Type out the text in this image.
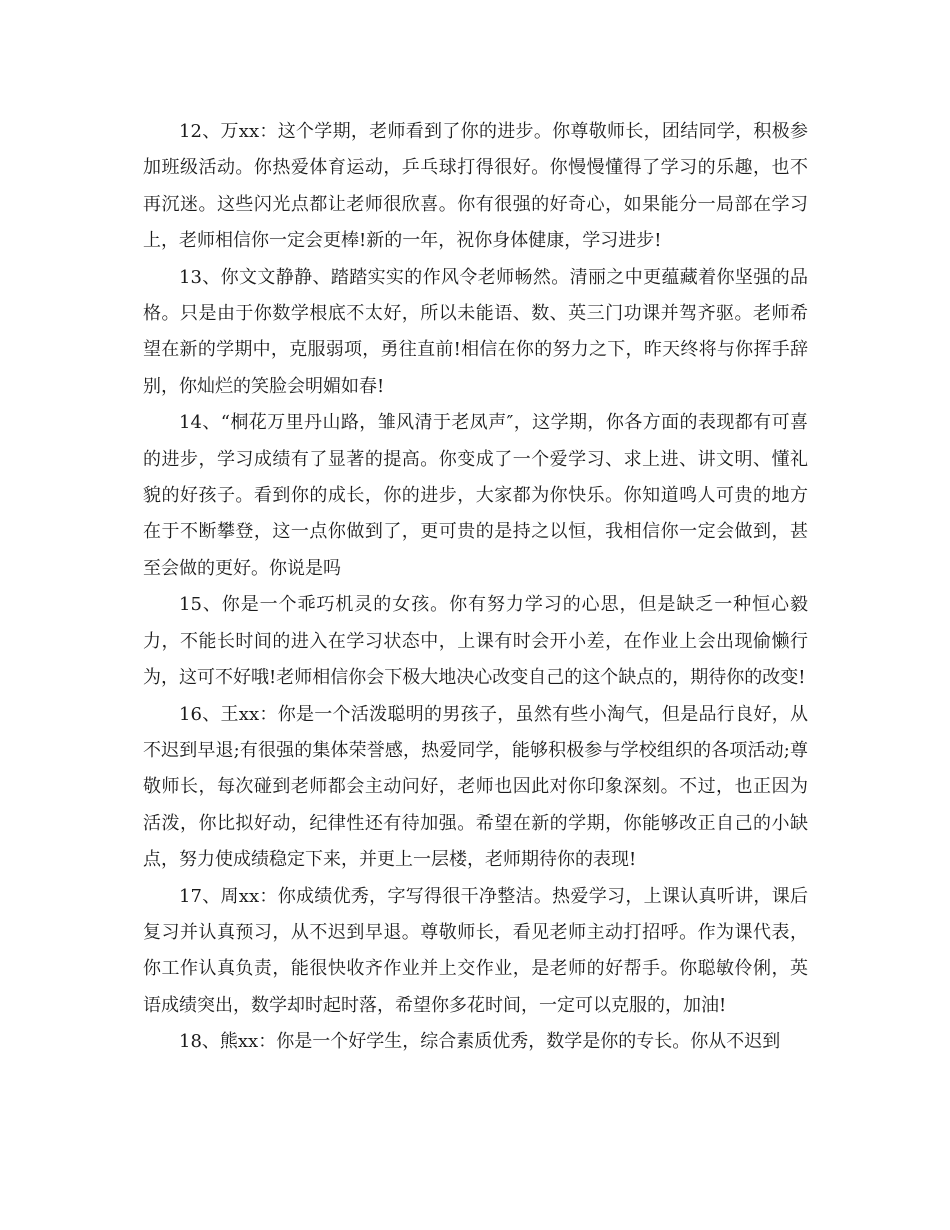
12、万xx：这个学期，老师看到了你的进步。你尊敬师长，团结同学，积极参加班级活动。你热爱体育运动，乒乓球打得很好。你慢慢懂得了学习的乐趣，也不再沉迷。这些闪光点都让老师很欣喜。你有很强的好奇心，如果能分一局部在学习上，老师相信你一定会更棒!新的一年，祝你身体健康，学习进步!

13、你文文静静、踏踏实实的作风令老师畅然。清丽之中更蕴藏着你坚强的品格。只是由于你数学根底不太好，所以未能语、数、英三门功课并驾齐驱。老师希望在新的学期中，克服弱项，勇往直前!相信在你的努力之下，昨天终将与你挥手辞别，你灿烂的笑脸会明媚如春!

14、“桐花万里丹山路，雏风清于老凤声″，这学期，你各方面的表现都有可喜的进步，学习成绩有了显著的提高。你变成了一个爱学习、求上进、讲文明、懂礼貌的好孩子。看到你的成长，你的进步，大家都为你快乐。你知道鸣人可贵的地方在于不断攀登，这一点你做到了，更可贵的是持之以恒，我相信你一定会做到，甚至会做的更好。你说是吗

15、你是一个乖巧机灵的女孩。你有努力学习的心思，但是缺乏一种恒心毅力，不能长时间的进入在学习状态中，上课有时会开小差，在作业上会出现偷懒行为，这可不好哦!老师相信你会下极大地决心改变自己的这个缺点的，期待你的改变!

16、王xx：你是一个活泼聪明的男孩子，虽然有些小淘气，但是品行良好，从不迟到早退;有很强的集体荣誉感，热爱同学，能够积极参与学校组织的各项活动;尊敬师长，每次碰到老师都会主动问好，老师也因此对你印象深刻。不过，也正因为活泼，你比拟好动，纪律性还有待加强。希望在新的学期，你能够改正自己的小缺点，努力使成绩稳定下来，并更上一层楼，老师期待你的表现!

17、周xx：你成绩优秀，字写得很干净整洁。热爱学习，上课认真听讲，课后复习并认真预习，从不迟到早退。尊敬师长，看见老师主动打招呼。作为课代表，你工作认真负责，能很快收齐作业并上交作业，是老师的好帮手。你聪敏伶俐，英语成绩突出，数学却时起时落，希望你多花时间，一定可以克服的，加油!

18、熊xx：你是一个好学生，综合素质优秀，数学是你的专长。你从不迟到
